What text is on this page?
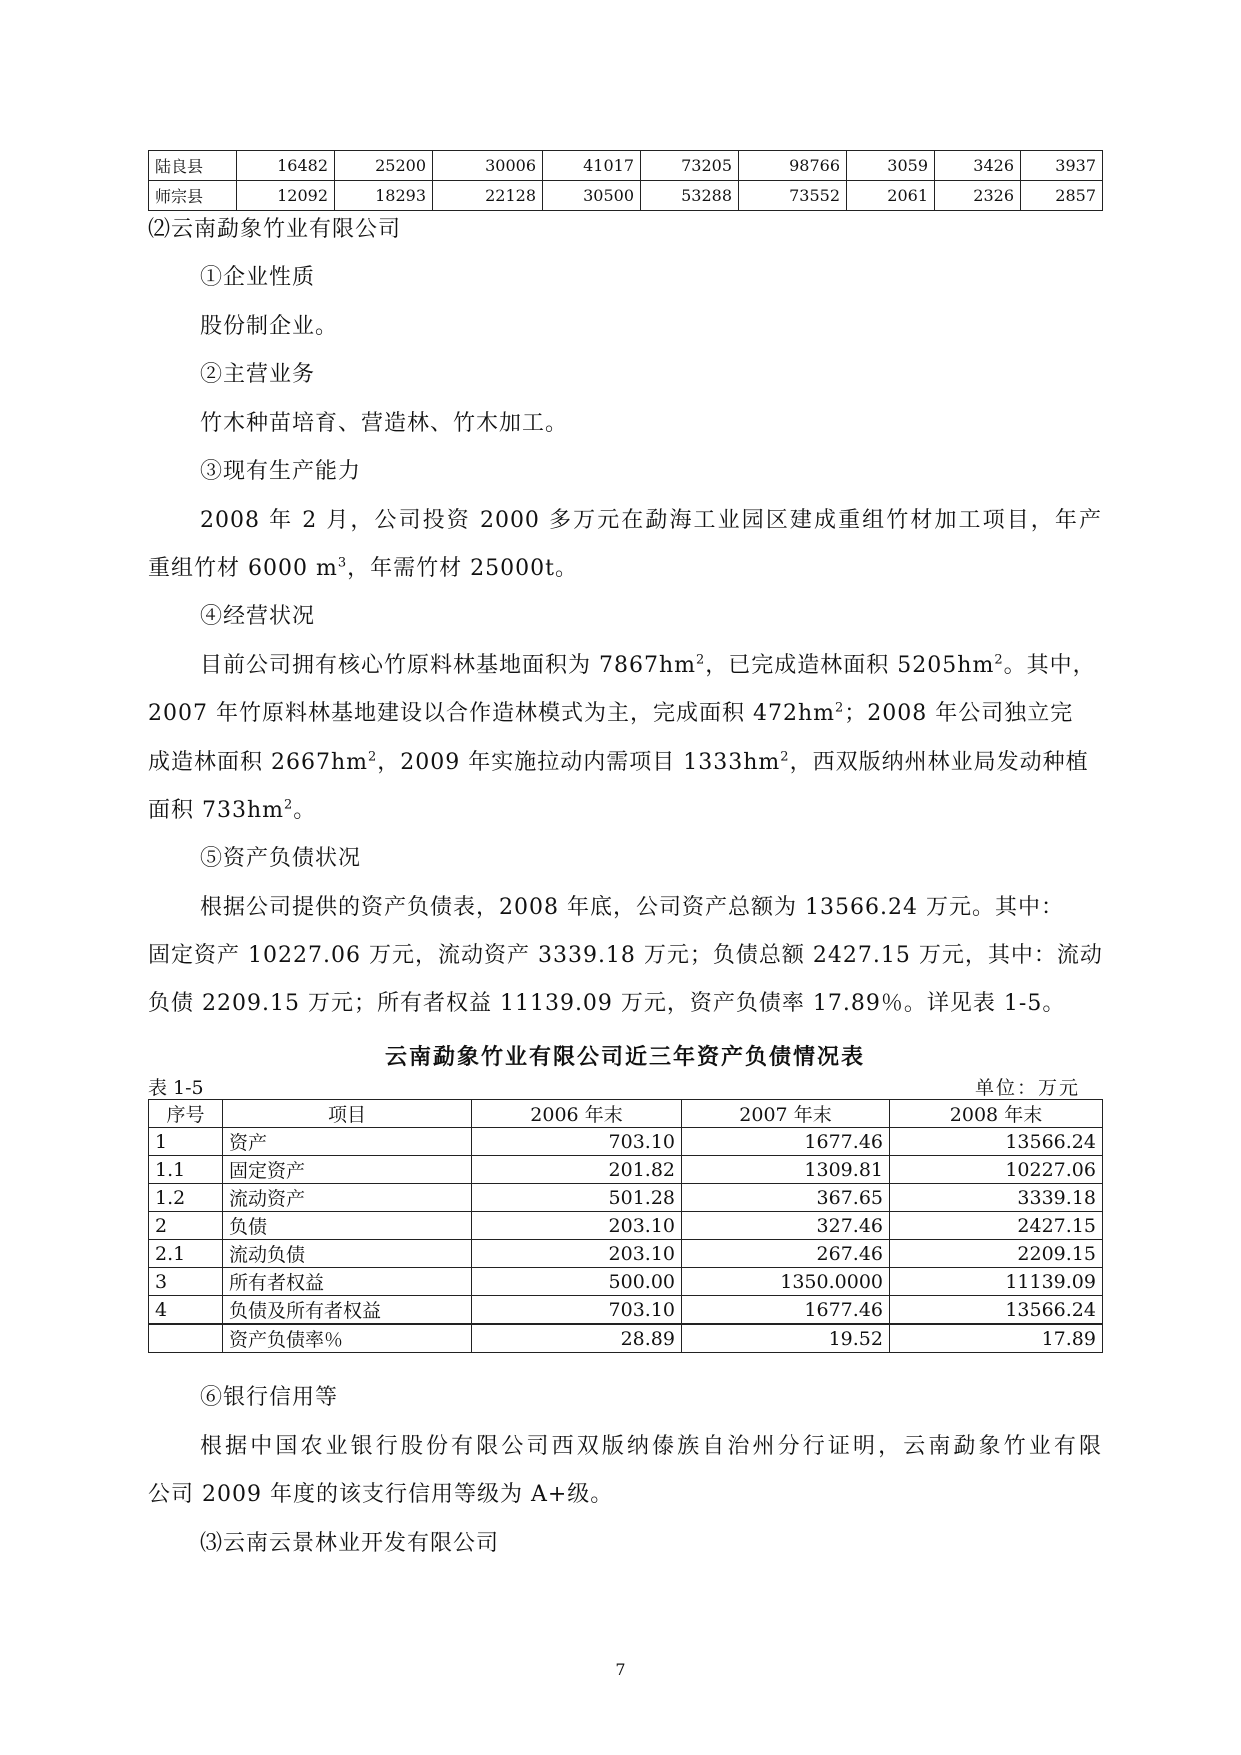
陆良县	16482	25200	30006	41017	73205	98766	3059	3426	3937
师宗县	12092	18293	22128	30500	53288	73552	2061	2326	2857
⑵云南勐象竹业有限公司
①企业性质
股份制企业。
②主营业务
竹木种苗培育、营造林、竹木加工。
③现有生产能力
2008 年 2 月，公司投资 2000 多万元在勐海工业园区建成重组竹材加工项目，年产
重组竹材 6000 $m^3$，年需竹材 25000t。
④经营状况
目前公司拥有核心竹原料林基地面积为 $7867hm^2$，已完成造林面积 $5205hm^2$。其中，
2007 年竹原料林基地建设以合作造林模式为主，完成面积 $472hm^2$；2008 年公司独立完
成造林面积 $2667hm^2$，2009 年实施拉动内需项目 $1333hm^2$，西双版纳州林业局发动种植
面积 $733hm^2$。
⑤资产负债状况
根据公司提供的资产负债表，2008 年底，公司资产总额为 13566.24 万元。其中：
固定资产 10227.06 万元，流动资产 3339.18 万元；负债总额 2427.15 万元，其中：流动
负债 2209.15 万元；所有者权益 11139.09 万元，资产负债率 17.89％。详见表 1-5。
云南勐象竹业有限公司近三年资产负债情况表
表 1-5	单位：万元
序号	项目	2006 年末	2007 年末	2008 年末
1	资产	703.10	1677.46	13566.24
1.1	固定资产	201.82	1309.81	10227.06
1.2	流动资产	501.28	367.65	3339.18
2	负债	203.10	327.46	2427.15
2.1	流动负债	203.10	267.46	2209.15
3	所有者权益	500.00	1350.0000	11139.09
4	负债及所有者权益	703.10	1677.46	13566.24
	资产负债率％	28.89	19.52	17.89
⑥银行信用等
根据中国农业银行股份有限公司西双版纳傣族自治州分行证明，云南勐象竹业有限
公司 2009 年度的该支行信用等级为 A+级。
⑶云南云景林业开发有限公司
7
